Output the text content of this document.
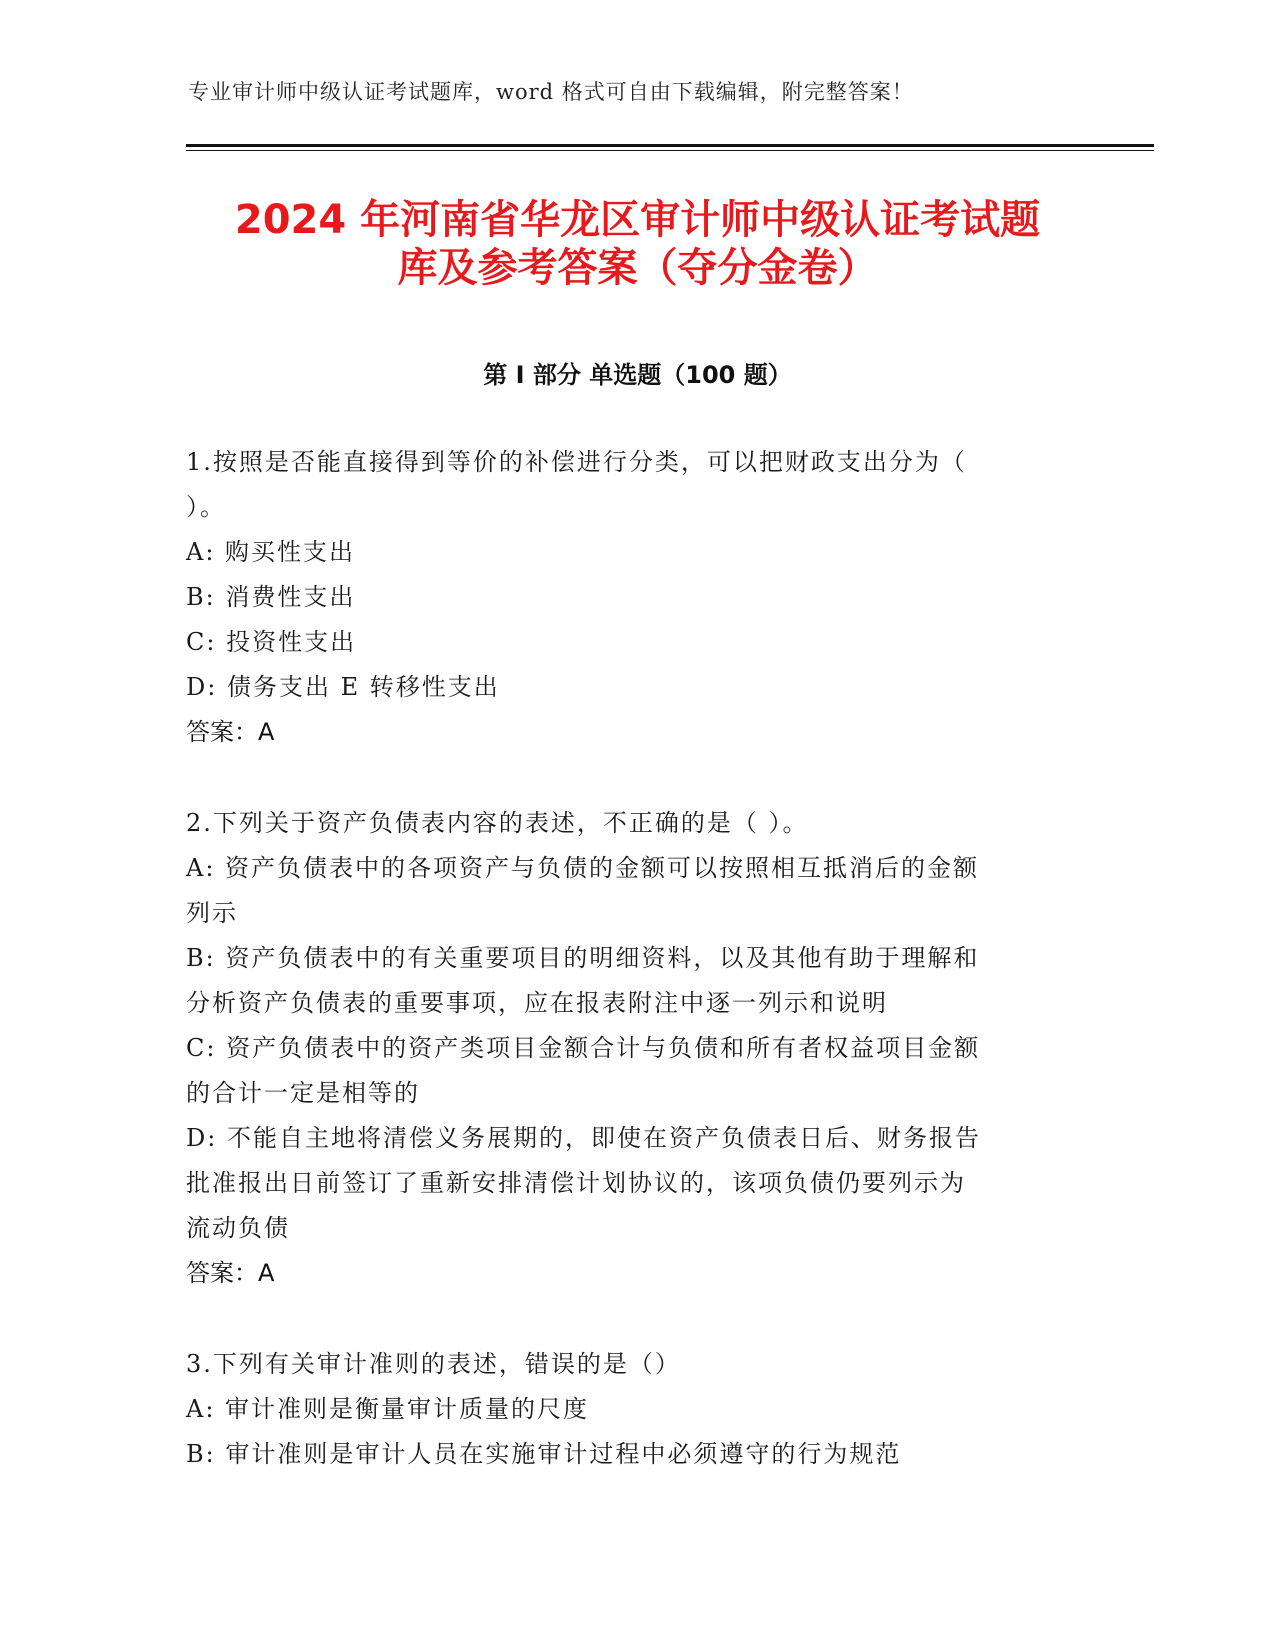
专业审计师中级认证考试题库，word 格式可自由下载编辑，附完整答案！
2024 年河南省华龙区审计师中级认证考试题
库及参考答案（夺分金卷）
第 I 部分 单选题（100 题）
1.按照是否能直接得到等价的补偿进行分类，可以把财政支出分为（
）。
A: 购买性支出
B: 消费性支出
C: 投资性支出
D: 债务支出 E 转移性支出
答案：A
2.下列关于资产负债表内容的表述，不正确的是（ ）。
A: 资产负债表中的各项资产与负债的金额可以按照相互抵消后的金额
列示
B: 资产负债表中的有关重要项目的明细资料，以及其他有助于理解和
分析资产负债表的重要事项，应在报表附注中逐一列示和说明
C: 资产负债表中的资产类项目金额合计与负债和所有者权益项目金额
的合计一定是相等的
D: 不能自主地将清偿义务展期的，即使在资产负债表日后、财务报告
批准报出日前签订了重新安排清偿计划协议的，该项负债仍要列示为
流动负债
答案：A
3.下列有关审计准则的表述，错误的是（）
A: 审计准则是衡量审计质量的尺度
B: 审计准则是审计人员在实施审计过程中必须遵守的行为规范
